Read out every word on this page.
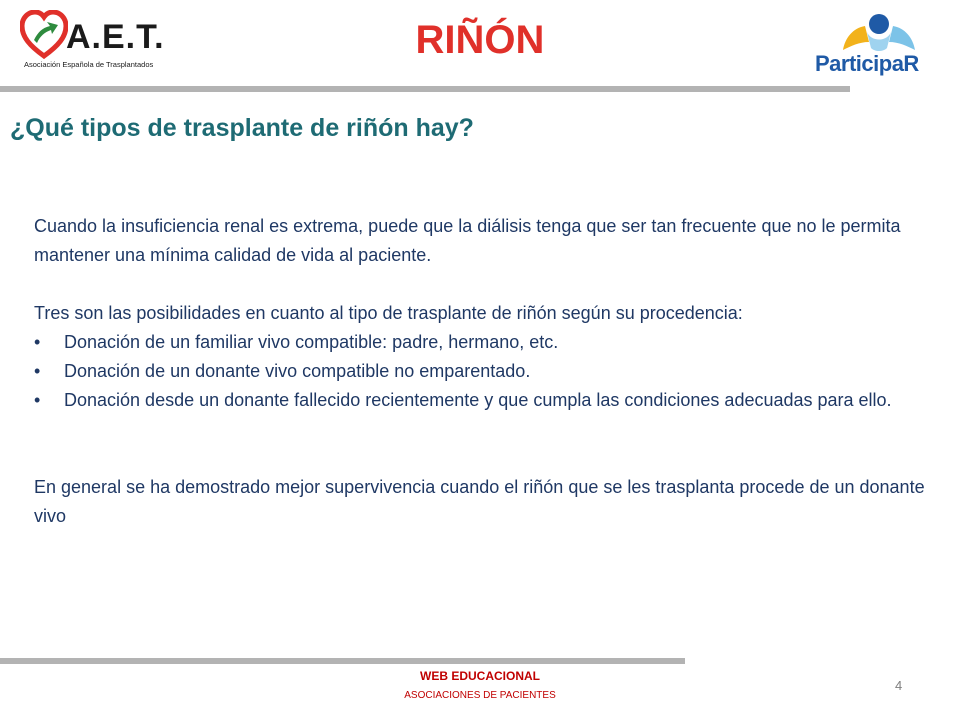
A.E.T.
Asociación Española de Trasplantados
RIÑÓN
ParticipaR
¿Qué tipos de trasplante de riñón hay?

Cuando la insuficiencia renal es extrema, puede que la diálisis tenga que ser tan frecuente que no le permita mantener una mínima calidad de vida al paciente.

Tres son las posibilidades en cuanto al tipo de trasplante de riñón según su procedencia:

• Donación de un familiar vivo compatible: padre, hermano, etc.
• Donación de un donante vivo compatible no emparentado.
• Donación desde un donante fallecido recientemente y que cumpla las condiciones adecuadas para ello.

En general se ha demostrado mejor supervivencia cuando el riñón que se les trasplanta procede de un donante vivo

WEB EDUCACIONAL
ASOCIACIONES DE PACIENTES
4
